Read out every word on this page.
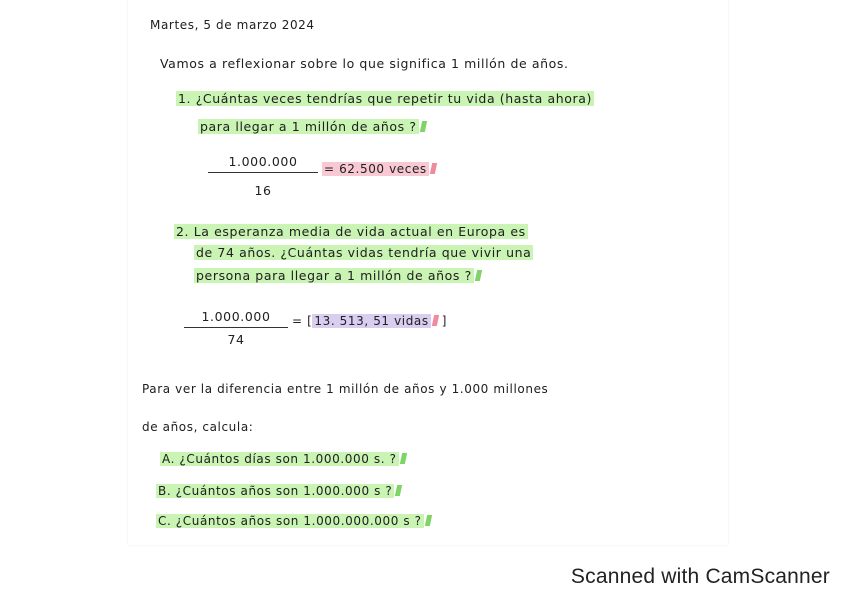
Martes, 5 de marzo 2024
Vamos a reflexionar sobre lo que significa 1 millón de años.
1. ¿Cuántas veces tendrías que repetir tu vida (hasta ahora)
para llegar a 1 millón de años ?
1.000.000
16
= 62.500 veces
2. La esperanza media de vida actual en Europa es
de 74 años. ¿Cuántas vidas tendría que vivir una
persona para llegar a 1 millón de años ?
1.000.000
74
= [ 13. 513, 51 vidas ]
Para ver la diferencia entre 1 millón de años y 1.000 millones
de años, calcula:
A. ¿Cuántos días son 1.000.000 s. ?
B. ¿Cuántos años son 1.000.000 s ?
C. ¿Cuántos años son 1.000.000.000 s ?
Scanned with CamScanner
